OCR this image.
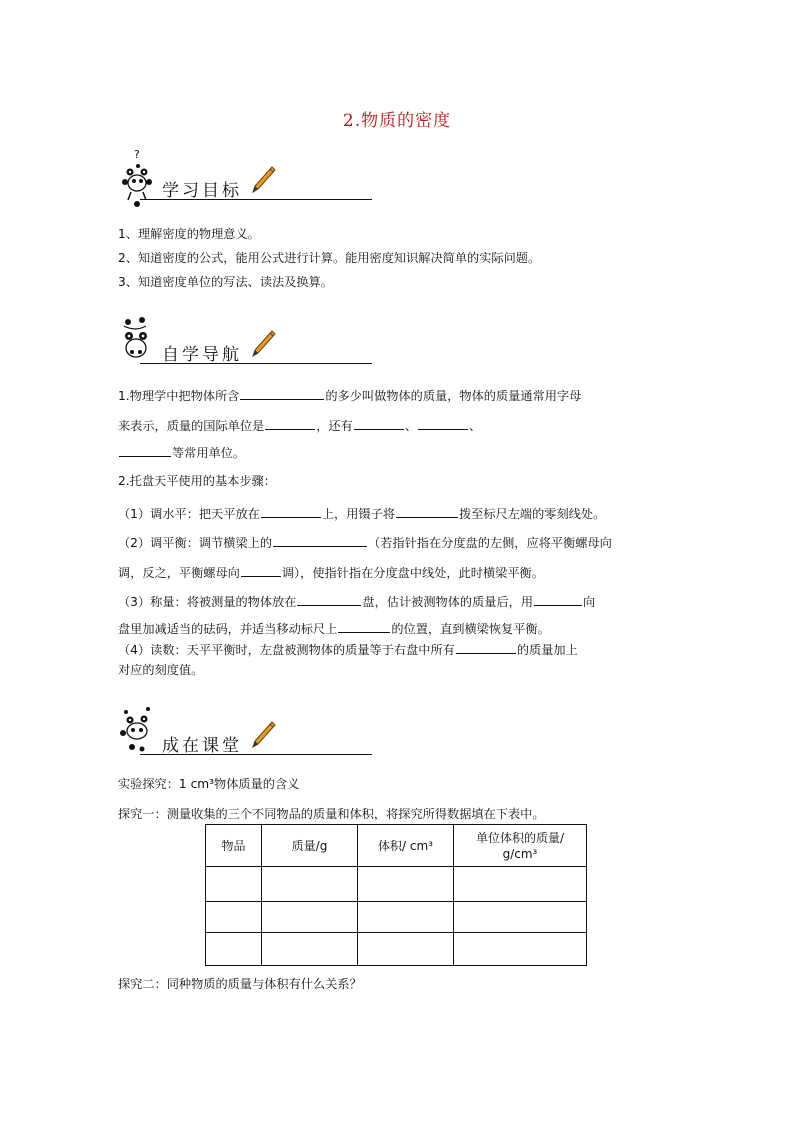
2.物质的密度
?
学习目标
1、理解密度的物理意义。
2、知道密度的公式，能用公式进行计算。能用密度知识解决简单的实际问题。
3、知道密度单位的写法、读法及换算。
自学导航
1.物理学中把物体所含	的多少叫做物体的质量，物体的质量通常用字母
来表示，质量的国际单位是	，还有	、	、
等常用单位。
2.托盘天平使用的基本步骤：
（1）调水平：把天平放在	上，用镊子将	拨至标尺左端的零刻线处。
（2）调平衡：调节横梁上的	（若指针指在分度盘的左侧，应将平衡螺母向
调，反之，平衡螺母向	调），使指针指在分度盘中线处，此时横梁平衡。
（3）称量：将被测量的物体放在	盘，估计被测物体的质量后，用	向
盘里加减适当的砝码，并适当移动标尺上	的位置，直到横梁恢复平衡。
（4）读数：天平平衡时，左盘被测物体的质量等于右盘中所有	的质量加上
对应的刻度值。
成在课堂
实验探究：1 cm³物体质量的含义
探究一：测量收集的三个不同物品的质量和体积，将探究所得数据填在下表中。
物品	质量/g	体积/ cm³	单位体积的质量/
g/cm³

探究二：同种物质的质量与体积有什么关系？
